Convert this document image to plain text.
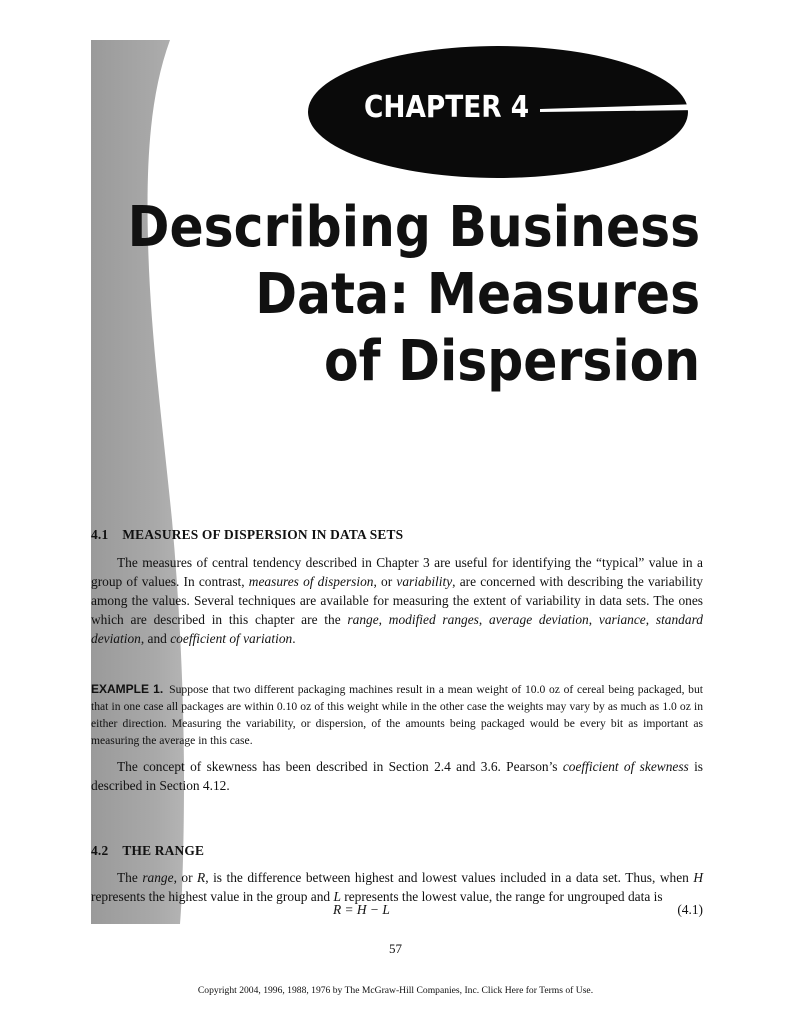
CHAPTER 4
Describing Business
Data: Measures
of Dispersion
4.1 MEASURES OF DISPERSION IN DATA SETS
The measures of central tendency described in Chapter 3 are useful for identifying the “typical” value in a group of values. In contrast, measures of dispersion, or variability, are concerned with describing the variability among the values. Several techniques are available for measuring the extent of variability in data sets. The ones which are described in this chapter are the range, modified ranges, average deviation, variance, standard deviation, and coefficient of variation.
EXAMPLE 1. Suppose that two different packaging machines result in a mean weight of 10.0 oz of cereal being packaged, but that in one case all packages are within 0.10 oz of this weight while in the other case the weights may vary by as much as 1.0 oz in either direction. Measuring the variability, or dispersion, of the amounts being packaged would be every bit as important as measuring the average in this case.
The concept of skewness has been described in Section 2.4 and 3.6. Pearson’s coefficient of skewness is described in Section 4.12.
4.2 THE RANGE
The range, or R, is the difference between highest and lowest values included in a data set. Thus, when H represents the highest value in the group and L represents the lowest value, the range for ungrouped data is
R = H − L	(4.1)
57
Copyright 2004, 1996, 1988, 1976 by The McGraw-Hill Companies, Inc. Click Here for Terms of Use.
